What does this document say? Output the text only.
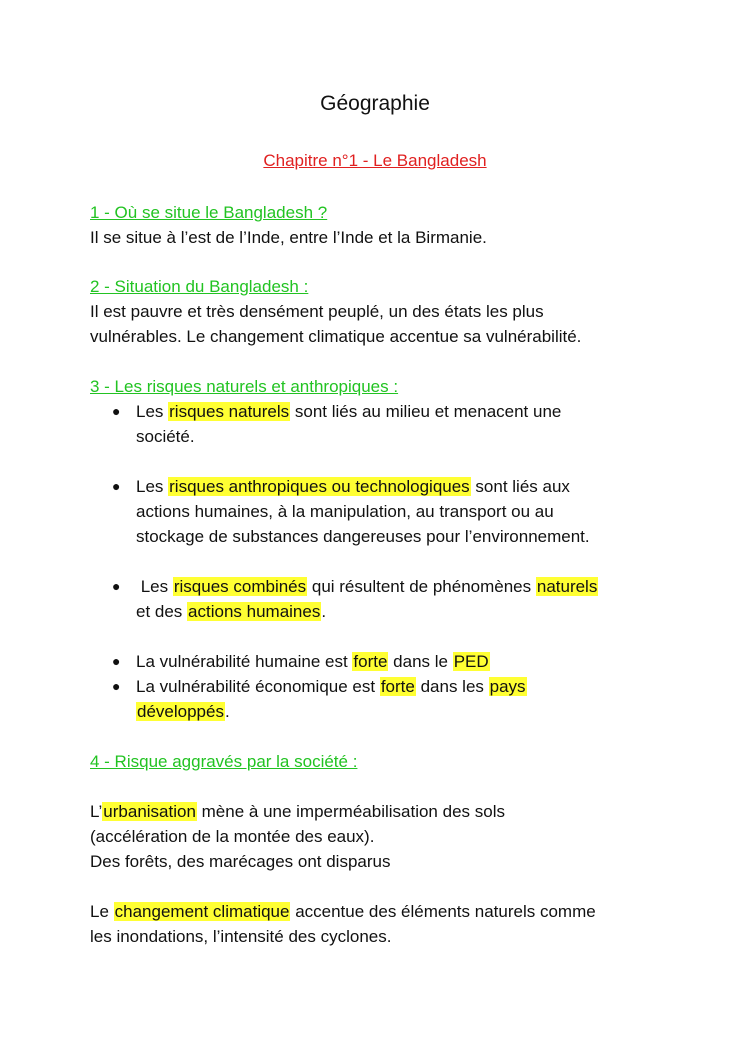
Géographie
Chapitre n°1 - Le Bangladesh
1 - Où se situe le Bangladesh ?
Il se situe à l’est de l’Inde, entre l’Inde et la Birmanie.
2 - Situation du Bangladesh :
Il est pauvre et très densément peuplé, un des états les plus
vulnérables. Le changement climatique accentue sa vulnérabilité.
3 - Les risques naturels et anthropiques :
● Les risques naturels sont liés au milieu et menacent une
société.
● Les risques anthropiques ou technologiques sont liés aux
actions humaines, à la manipulation, au transport ou au
stockage de substances dangereuses pour l’environnement.
● Les risques combinés qui résultent de phénomènes naturels
et des actions humaines.
● La vulnérabilité humaine est forte dans le PED
● La vulnérabilité économique est forte dans les pays
développés.
4 - Risque aggravés par la société :
L’urbanisation mène à une imperméabilisation des sols
(accélération de la montée des eaux).
Des forêts, des marécages ont disparus
Le changement climatique accentue des éléments naturels comme
les inondations, l’intensité des cyclones.
